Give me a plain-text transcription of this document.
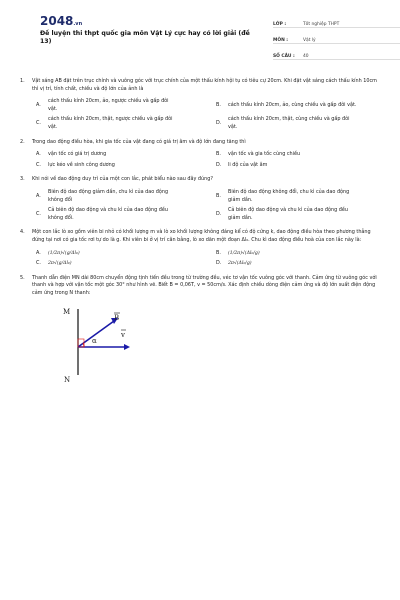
2048.vn
Đề luyện thi thpt quốc gia môn Vật Lý cực hay có lời giải (đề 13)
LỚP :	Tốt nghiệp THPT
MÔN :	Vật lý
SỐ CÂU :	40
1.	Vật sáng AB đặt trên trục chính và vuông góc với trục chính của một thấu kính hội tụ có tiêu cự 20cm. Khi đặt vật sáng cách thấu kính 10cm thì vị trí, tính chất, chiều và độ lớn của ảnh là
A.
cách thấu kính 20cm, ảo, ngược chiều và gấp đôi vật.
B.	cách thấu kính 20cm, ảo, cùng chiều và gấp đôi vật.
C.
cách thấu kính 20cm, thật, ngược chiều và gấp đôi vật.
D.
cách thấu kính 20cm, thật, cùng chiều và gấp đôi vật.
2.	Trong dao động điều hòa, khi gia tốc của vật đang có giá trị âm và độ lớn đang tăng thì
A.	vận tốc có giá trị dương	B.	vận tốc và gia tốc cùng chiều
C.	lực kéo về sinh công dương	D.	li độ của vật âm
3.	Khi nói về dao động duy trì của một con lắc, phát biểu nào sau đây đúng?
A.
Biên độ dao động giảm dần, chu kì của dao động không đổi
B.
Biên độ dao động không đổi, chu kì của dao động giảm dần.
C.
Cả biên độ dao động và chu kì của dao động đều không đổi.
D.
Cả biên độ dao động và chu kì của dao động đều giảm dần.
4.	Một con lắc lò xo gồm viên bi nhỏ có khối lượng m và lò xo khối lượng không đáng kể có độ cứng k, dao động điều hòa theo phương thẳng đứng tại nơi có gia tốc rơi tự do là g. Khi viên bi ở vị trí cân bằng, lò xo dãn một đoạn Δl₀. Chu kì dao động điều hoà của con lắc này là:
A.	(1/2π)√(g/Δl₀)	B.	(1/2π)√(Δl₀/g)
C.	2π√(g/Δl₀)	D.	2π√(Δl₀/g)
5.	Thanh dẫn điện MN dài 80cm chuyển động tịnh tiến đều trong từ trường đều, véc tơ vận tốc vuông góc với thanh. Cảm ứng từ vuông góc với thanh và hợp với vận tốc một góc 30° như hình vẽ. Biết B = 0,06T, v = 50cm/s. Xác định chiều dòng điện cảm ứng và độ lớn suất điện động cảm ứng trong N thanh:
M
N
B
v
α
